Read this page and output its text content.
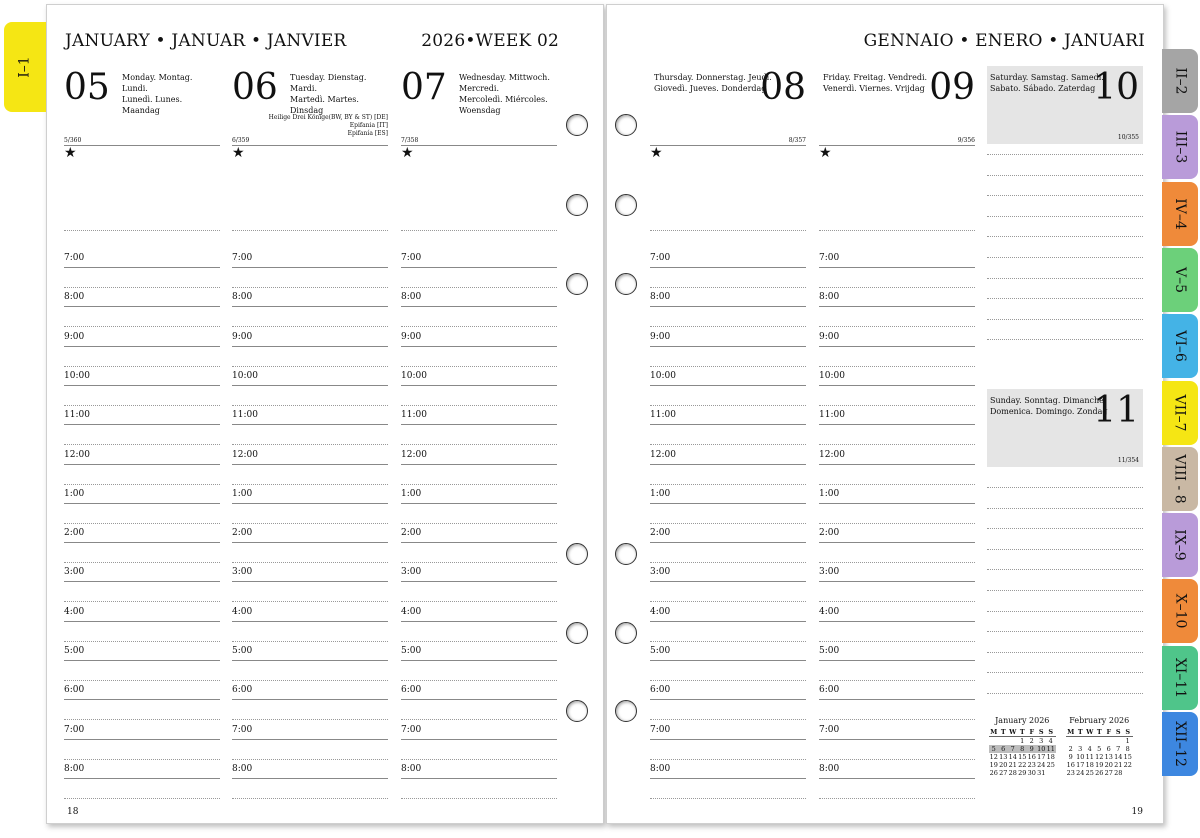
JANUARY • JANUAR • JANVIER	2026•WEEK 02
18
GENNAIO • ENERO • JANUARI
19
05 Monday. Montag. Lundi.
Lunedì. Lunes. Maandag
5/360
★
7:00
8:00
9:00
10:00
11:00
12:00
1:00
2:00
3:00
4:00
5:00
6:00
7:00
8:00
06 Tuesday. Dienstag. Mardi.
Martedì. Martes. Dinsdag
6/359
Heilige Drei Könige(BW, BY & ST) [DE]
Epifania [IT]
Epifanía [ES]
★
7:00
8:00
9:00
10:00
11:00
12:00
1:00
2:00
3:00
4:00
5:00
6:00
7:00
8:00
07 Wednesday. Mittwoch. Mercredi.
Mercoledì. Miércoles. Woensdag
7/358
★
7:00
8:00
9:00
10:00
11:00
12:00
1:00
2:00
3:00
4:00
5:00
6:00
7:00
8:00
08
Thursday. Donnerstag. Jeudi.
Giovedì. Jueves. Donderdag
8/357
★
7:00
8:00
9:00
10:00
11:00
12:00
1:00
2:00
3:00
4:00
5:00
6:00
7:00
8:00
09
Friday. Freitag. Vendredi.
Venerdì. Viernes. Vrijdag
9/356
★
7:00
8:00
9:00
10:00
11:00
12:00
1:00
2:00
3:00
4:00
5:00
6:00
7:00
8:00
Saturday. Samstag. Samedi.
Sabato. Sábado. Zaterdag
10
10/355
Sunday. Sonntag. Dimanche.
Domenica. Domingo. Zondag
11
11/354
January 2026
M	T	W	T	F	S	S
			1	2	3	4
5	6	7	8	9	10	11
12	13	14	15	16	17	18
19	20	21	22	23	24	25
26	27	28	29	30	31	
February 2026
M	T	W	T	F	S	S
						1
2	3	4	5	6	7	8
9	10	11	12	13	14	15
16	17	18	19	20	21	22
23	24	25	26	27	28	
I–1
II–2
III–3
IV–4
V–5
VI–6
VII–7
VIII - 8
IX–9
X–10
XI–11
XII–12
